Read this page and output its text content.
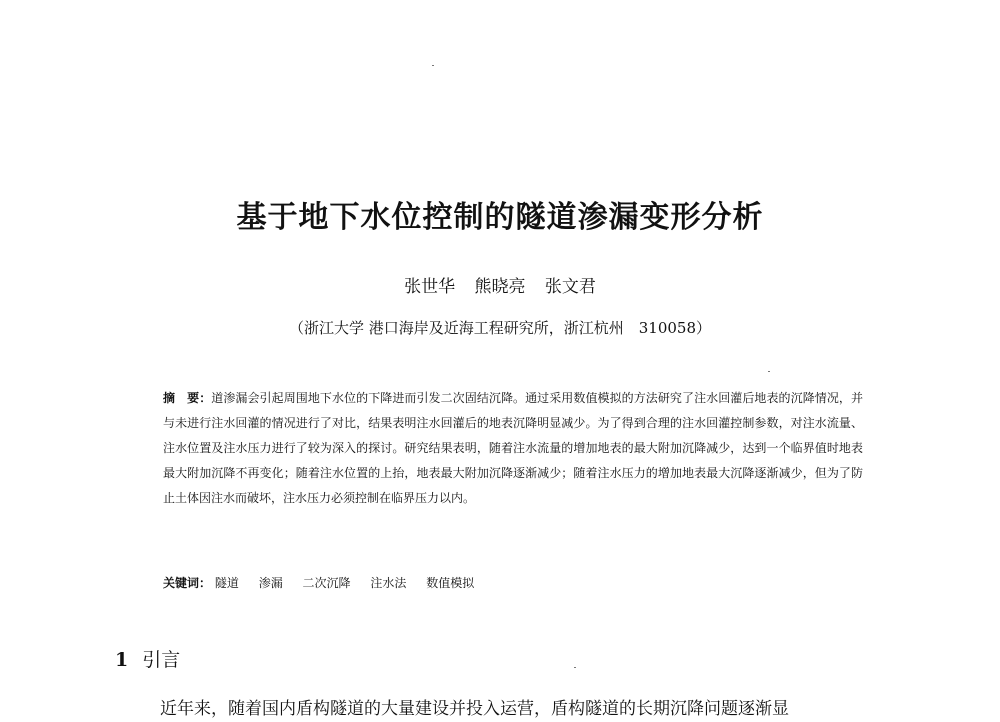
基于地下水位控制的隧道渗漏变形分析
张世华 熊晓亮 张文君
（浙江大学 港口海岸及近海工程研究所，浙江杭州　310058）

摘　要：道渗漏会引起周围地下水位的下降进而引发二次固结沉降。通过采用数值模拟的方法研究了注水回灌后地表的沉降情况，并与未进行注水回灌的情况进行了对比，结果表明注水回灌后的地表沉降明显减少。为了得到合理的注水回灌控制参数，对注水流量、注水位置及注水压力进行了较为深入的探讨。研究结果表明，随着注水流量的增加地表的最大附加沉降减少，达到一个临界值时地表最大附加沉降不再变化；随着注水位置的上抬，地表最大附加沉降逐渐减少；随着注水压力的增加地表最大沉降逐渐减少，但为了防止土体因注水而破坏，注水压力必须控制在临界压力以内。

关键词： 隧道 渗漏 二次沉降 注水法 数值模拟

1 引言

近年来，随着国内盾构隧道的大量建设并投入运营，盾构隧道的长期沉降问题逐渐显
